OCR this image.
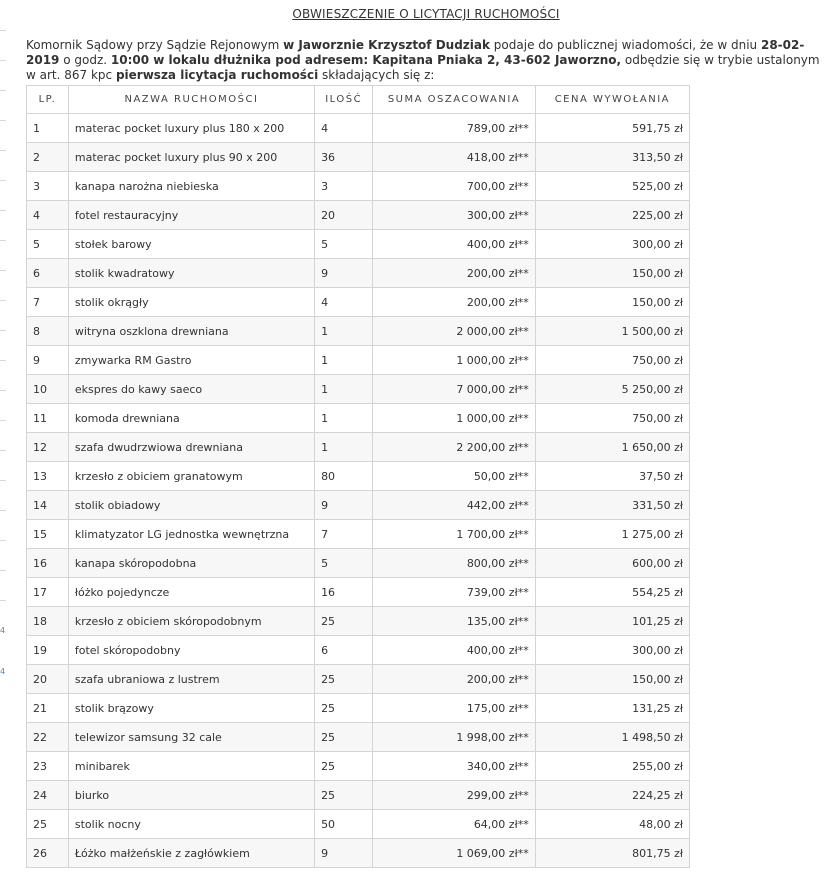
4
4
OBWIESZCZENIE O LICYTACJI RUCHOMOŚCI
Komornik Sądowy przy Sądzie Rejonowym w Jaworznie Krzysztof Dudziak podaje do publicznej wiadomości, że w dniu 28-02-2019 o godz. 10:00 w lokalu dłużnika pod adresem: Kapitana Pniaka 2, 43-602 Jaworzno, odbędzie się w trybie ustalonym w art. 867 kpc pierwsza licytacja ruchomości składających się z:
LP.	NAZWA RUCHOMOŚCI	ILOŚĆ	SUMA OSZACOWANIA	CENA WYWOŁANIA
1	materac pocket luxury plus 180 x 200	4	789,00 zł**	591,75 zł
2	materac pocket luxury plus 90 x 200	36	418,00 zł**	313,50 zł
3	kanapa narożna niebieska	3	700,00 zł**	525,00 zł
4	fotel restauracyjny	20	300,00 zł**	225,00 zł
5	stołek barowy	5	400,00 zł**	300,00 zł
6	stolik kwadratowy	9	200,00 zł**	150,00 zł
7	stolik okrągły	4	200,00 zł**	150,00 zł
8	witryna oszklona drewniana	1	2 000,00 zł**	1 500,00 zł
9	zmywarka RM Gastro	1	1 000,00 zł**	750,00 zł
10	ekspres do kawy saeco	1	7 000,00 zł**	5 250,00 zł
11	komoda drewniana	1	1 000,00 zł**	750,00 zł
12	szafa dwudrzwiowa drewniana	1	2 200,00 zł**	1 650,00 zł
13	krzesło z obiciem granatowym	80	50,00 zł**	37,50 zł
14	stolik obiadowy	9	442,00 zł**	331,50 zł
15	klimatyzator LG jednostka wewnętrzna	7	1 700,00 zł**	1 275,00 zł
16	kanapa skóropodobna	5	800,00 zł**	600,00 zł
17	łóżko pojedyncze	16	739,00 zł**	554,25 zł
18	krzesło z obiciem skóropodobnym	25	135,00 zł**	101,25 zł
19	fotel skóropodobny	6	400,00 zł**	300,00 zł
20	szafa ubraniowa z lustrem	25	200,00 zł**	150,00 zł
21	stolik brązowy	25	175,00 zł**	131,25 zł
22	telewizor samsung 32 cale	25	1 998,00 zł**	1 498,50 zł
23	minibarek	25	340,00 zł**	255,00 zł
24	biurko	25	299,00 zł**	224,25 zł
25	stolik nocny	50	64,00 zł**	48,00 zł
26	Łóżko małżeńskie z zagłówkiem	9	1 069,00 zł**	801,75 zł
